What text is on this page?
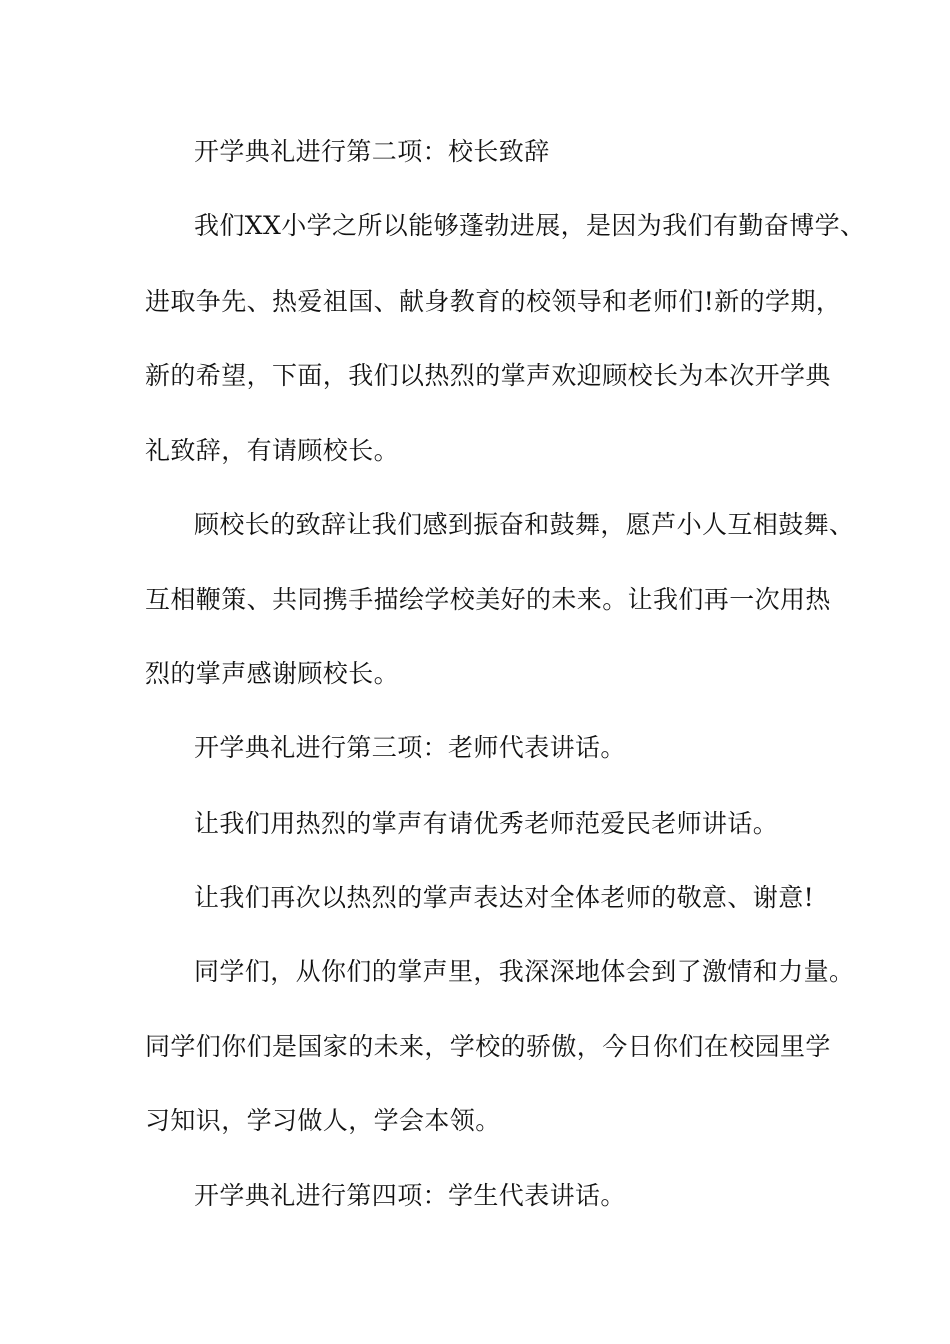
开学典礼进行第二项：校长致辞
我们XX小学之所以能够蓬勃进展，是因为我们有勤奋博学、
进取争先、热爱祖国、献身教育的校领导和老师们!新的学期，
新的希望，下面，我们以热烈的掌声欢迎顾校长为本次开学典
礼致辞，有请顾校长。
顾校长的致辞让我们感到振奋和鼓舞，愿芦小人互相鼓舞、
互相鞭策、共同携手描绘学校美好的未来。让我们再一次用热
烈的掌声感谢顾校长。
开学典礼进行第三项：老师代表讲话。
让我们用热烈的掌声有请优秀老师范爱民老师讲话。
让我们再次以热烈的掌声表达对全体老师的敬意、谢意!
同学们，从你们的掌声里，我深深地体会到了激情和力量。
同学们你们是国家的未来，学校的骄傲，今日你们在校园里学
习知识，学习做人，学会本领。
开学典礼进行第四项：学生代表讲话。
